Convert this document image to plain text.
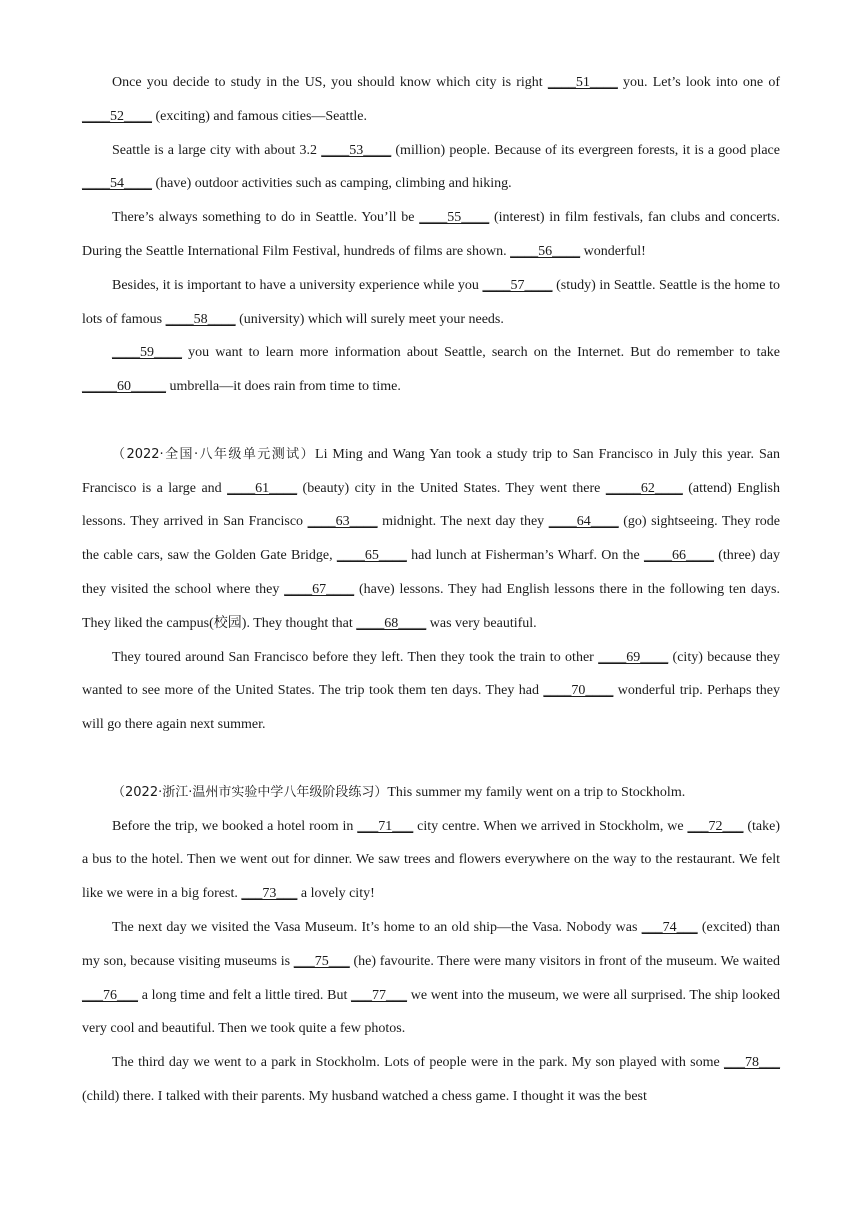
Once you decide to study in the US, you should know which city is right ____51____ you. Let’s look into one of ____52____ (exciting) and famous cities—Seattle.

Seattle is a large city with about 3.2 ____53____ (million) people. Because of its evergreen forests, it is a good place ____54____ (have) outdoor activities such as camping, climbing and hiking.

There’s always something to do in Seattle. You’ll be ____55____ (interest) in film festivals, fan clubs and concerts. During the Seattle International Film Festival, hundreds of films are shown. ____56____ wonderful!

Besides, it is important to have a university experience while you ____57____ (study) in Seattle. Seattle is the home to lots of famous ____58____ (university) which will surely meet your needs.

____59____ you want to learn more information about Seattle, search on the Internet. But do remember to take _____60_____ umbrella—it does rain from time to time.

（2022·全国·八年级单元测试）Li Ming and Wang Yan took a study trip to San Francisco in July this year. San Francisco is a large and ____61____ (beauty) city in the United States. They went there _____62____ (attend) English lessons. They arrived in San Francisco ____63____ midnight. The next day they ____64____ (go) sightseeing. They rode the cable cars, saw the Golden Gate Bridge, ____65____ had lunch at Fisherman’s Wharf. On the ____66____ (three) day they visited the school where they ____67____ (have) lessons. They had English lessons there in the following ten days. They liked the campus(校园). They thought that ____68____ was very beautiful.

They toured around San Francisco before they left. Then they took the train to other ____69____ (city) because they wanted to see more of the United States. The trip took them ten days. They had ____70____ wonderful trip. Perhaps they will go there again next summer.

（2022·浙江·温州市实验中学八年级阶段练习）This summer my family went on a trip to Stockholm.

Before the trip, we booked a hotel room in ___71___ city centre. When we arrived in Stockholm, we ___72___ (take) a bus to the hotel. Then we went out for dinner. We saw trees and flowers everywhere on the way to the restaurant. We felt like we were in a big forest. ___73___ a lovely city!

The next day we visited the Vasa Museum. It’s home to an old ship—the Vasa. Nobody was ___74___ (excited) than my son, because visiting museums is ___75___ (he) favourite. There were many visitors in front of the museum. We waited ___76___ a long time and felt a little tired. But ___77___ we went into the museum, we were all surprised. The ship looked very cool and beautiful. Then we took quite a few photos.

The third day we went to a park in Stockholm. Lots of people were in the park. My son played with some ___78___ (child) there. I talked with their parents. My husband watched a chess game. I thought it was the best
